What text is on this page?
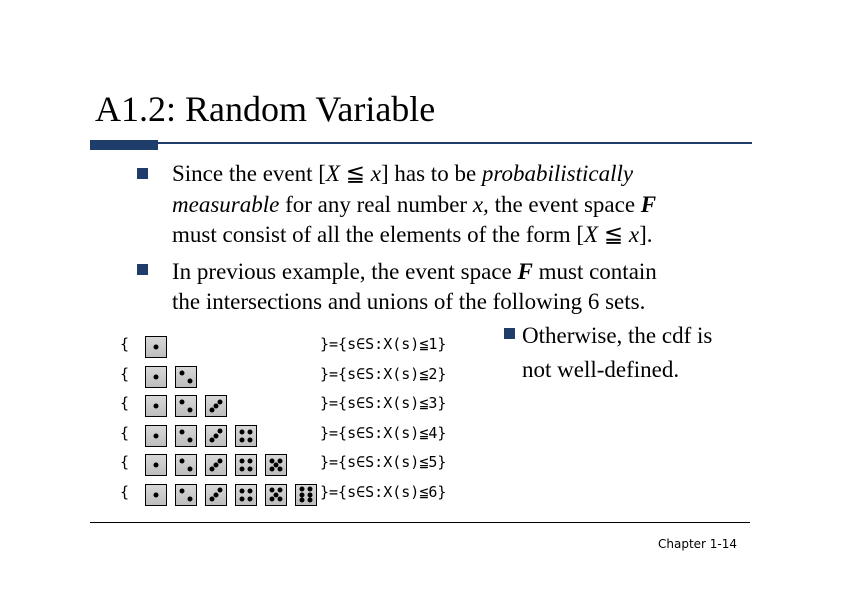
A1.2: Random Variable
Since the event [X ≦ x] has to be probabilistically
measurable for any real number x, the event space F
must consist of all the elements of the form [X ≦ x].
In previous example, the event space F must contain
the intersections and unions of the following 6 sets.
{	}={s∈S:X(s)≦1}
{	}={s∈S:X(s)≦2}
{	}={s∈S:X(s)≦3}
{	}={s∈S:X(s)≦4}
{	}={s∈S:X(s)≦5}
{	}={s∈S:X(s)≦6}
Otherwise, the cdf is
not well-defined.
Chapter 1-14
